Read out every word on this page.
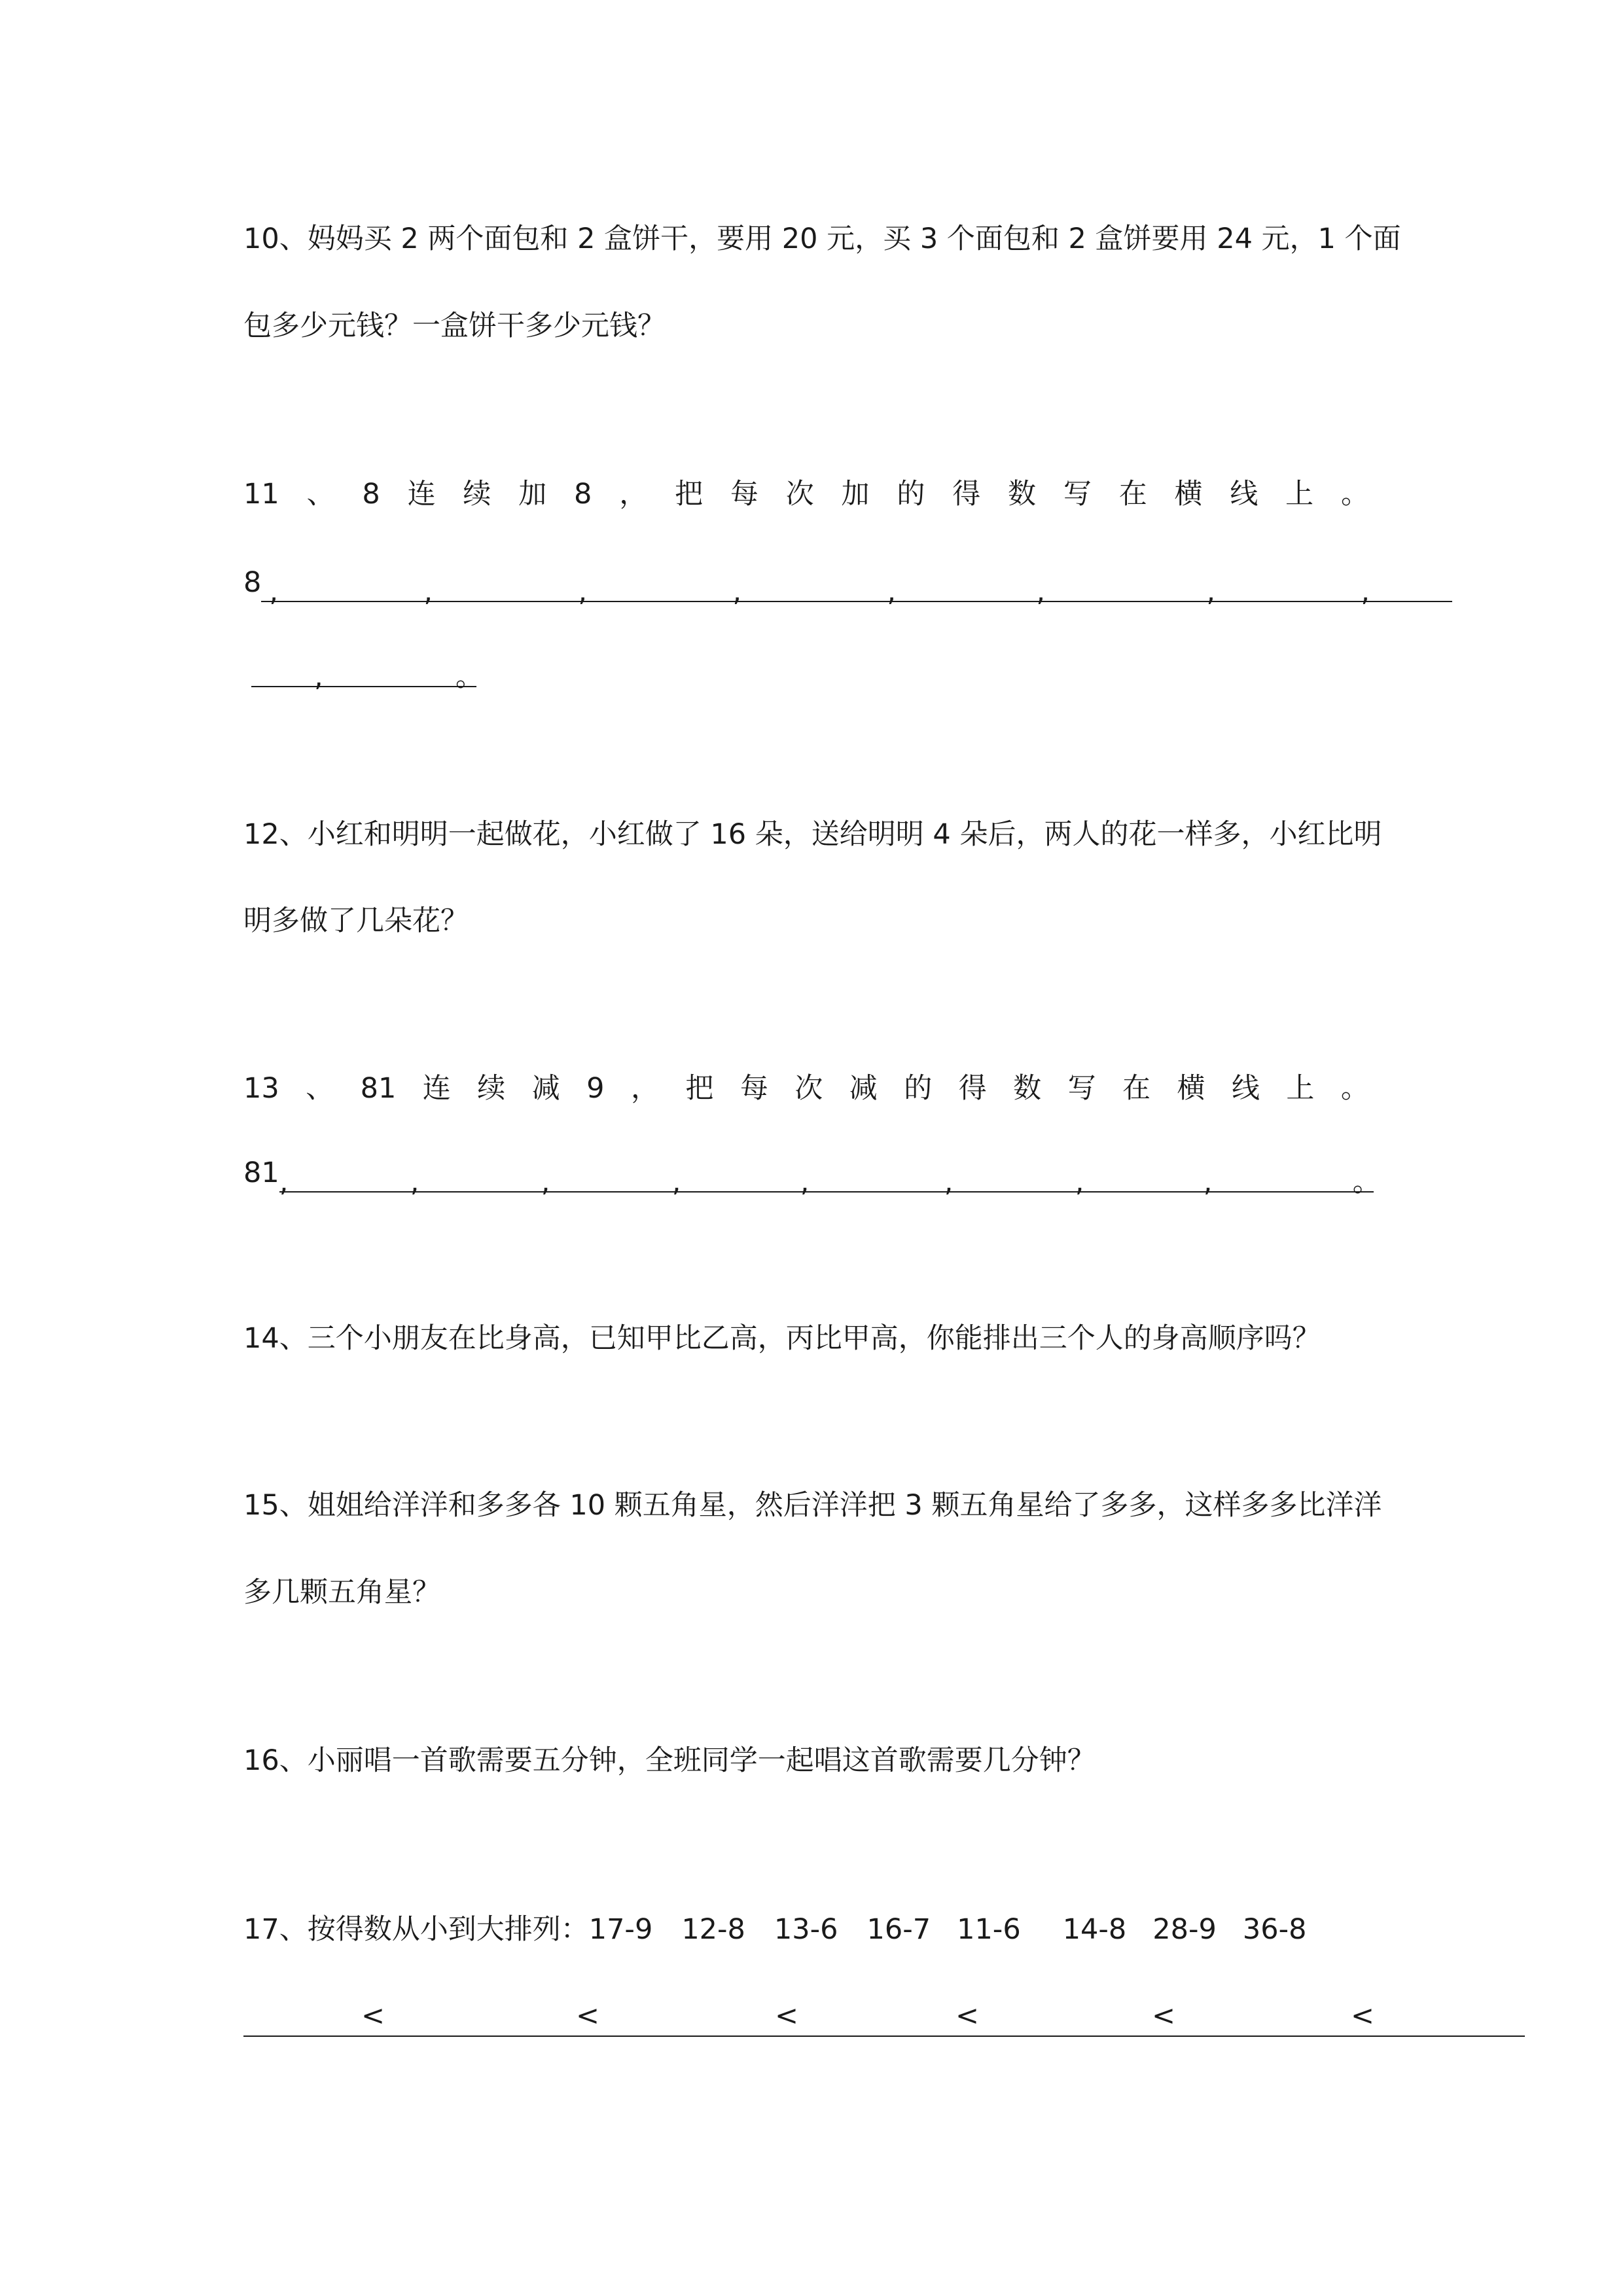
10、妈妈买 2 两个面包和 2 盒饼干，要用 20 元，买 3 个面包和 2 盒饼要用 24 元，1 个面
包多少元钱？一盒饼干多少元钱？
11 、 8 连 续 加 8 ， 把 每 次 加 的 得 数 写 在 横 线 上 。
8 ,	,	,	,	,	,	,	,
,	。
12、小红和明明一起做花，小红做了 16 朵，送给明明 4 朵后，两人的花一样多，小红比明
明多做了几朵花？
13 、 81 连 续 减 9 ， 把 每 次 减 的 得 数 写 在 横 线 上 。
81 ,	,	,	,	,	,	,	,	。
14、三个小朋友在比身高，已知甲比乙高，丙比甲高，你能排出三个人的身高顺序吗？
15、姐姐给洋洋和多多各 10 颗五角星，然后洋洋把 3 颗五角星给了多多，这样多多比洋洋
多几颗五角星？
16、小丽唱一首歌需要五分钟，全班同学一起唱这首歌需要几分钟？
17、按得数从小到大排列：17-9 12-8 13-6 16-7 11-6 14-8 28-9 36-8
<	<	<	<	<	<
